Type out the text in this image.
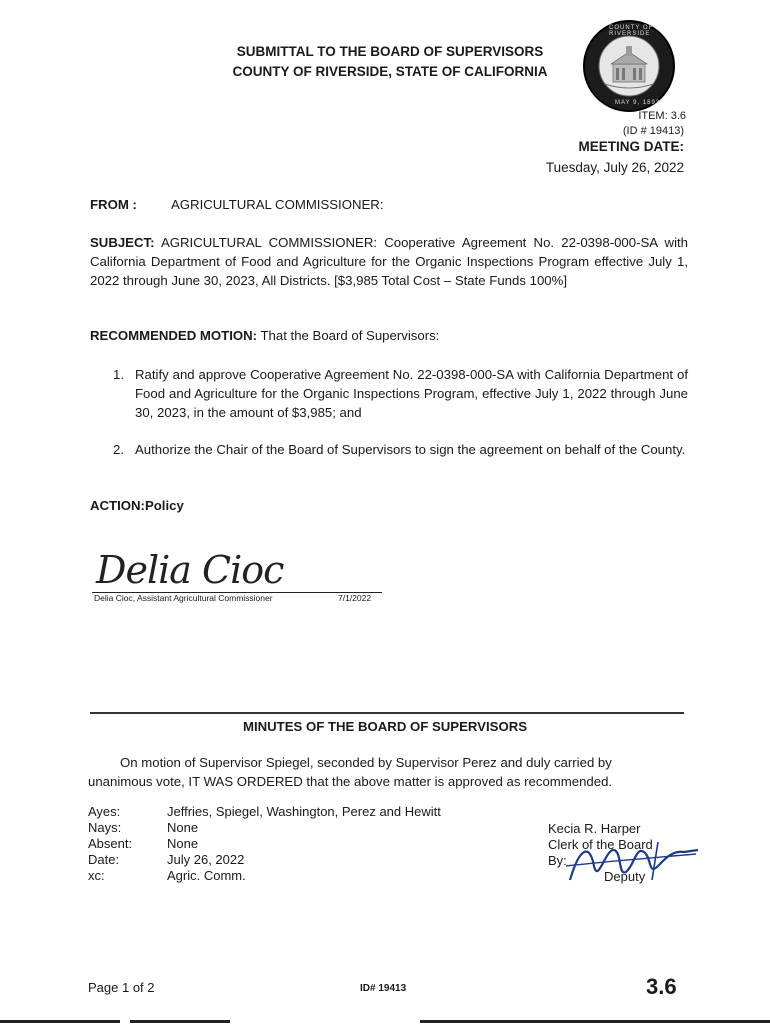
SUBMITTAL TO THE BOARD OF SUPERVISORS
COUNTY OF RIVERSIDE, STATE OF CALIFORNIA
COUNTY OF RIVERSIDE
MAY 9, 1893
ITEM: 3.6
(ID # 19413)
MEETING DATE:
Tuesday, July 26, 2022
FROM :	AGRICULTURAL COMMISSIONER:
SUBJECT: AGRICULTURAL COMMISSIONER: Cooperative Agreement No. 22-0398-000-SA with California Department of Food and Agriculture for the Organic Inspections Program effective July 1, 2022 through June 30, 2023, All Districts. [$3,985 Total Cost – State Funds 100%]
RECOMMENDED MOTION: That the Board of Supervisors:
1. Ratify and approve Cooperative Agreement No. 22-0398-000-SA with California Department of Food and Agriculture for the Organic Inspections Program, effective July 1, 2022 through June 30, 2023, in the amount of $3,985; and
2. Authorize the Chair of the Board of Supervisors to sign the agreement on behalf of the County.
ACTION:Policy
Delia Cioc
Delia Cioc, Assistant Agricultural Commissioner	7/1/2022
MINUTES OF THE BOARD OF SUPERVISORS
On motion of Supervisor Spiegel, seconded by Supervisor Perez and duly carried by unanimous vote, IT WAS ORDERED that the above matter is approved as recommended.
Ayes:	Jeffries, Spiegel, Washington, Perez and Hewitt
Nays:	None
Absent:	None
Date:	July 26, 2022
xc:	Agric. Comm.
Kecia R. Harper
Clerk of the Board
By:
Deputy
Page 1 of 2	ID# 19413	3.6
